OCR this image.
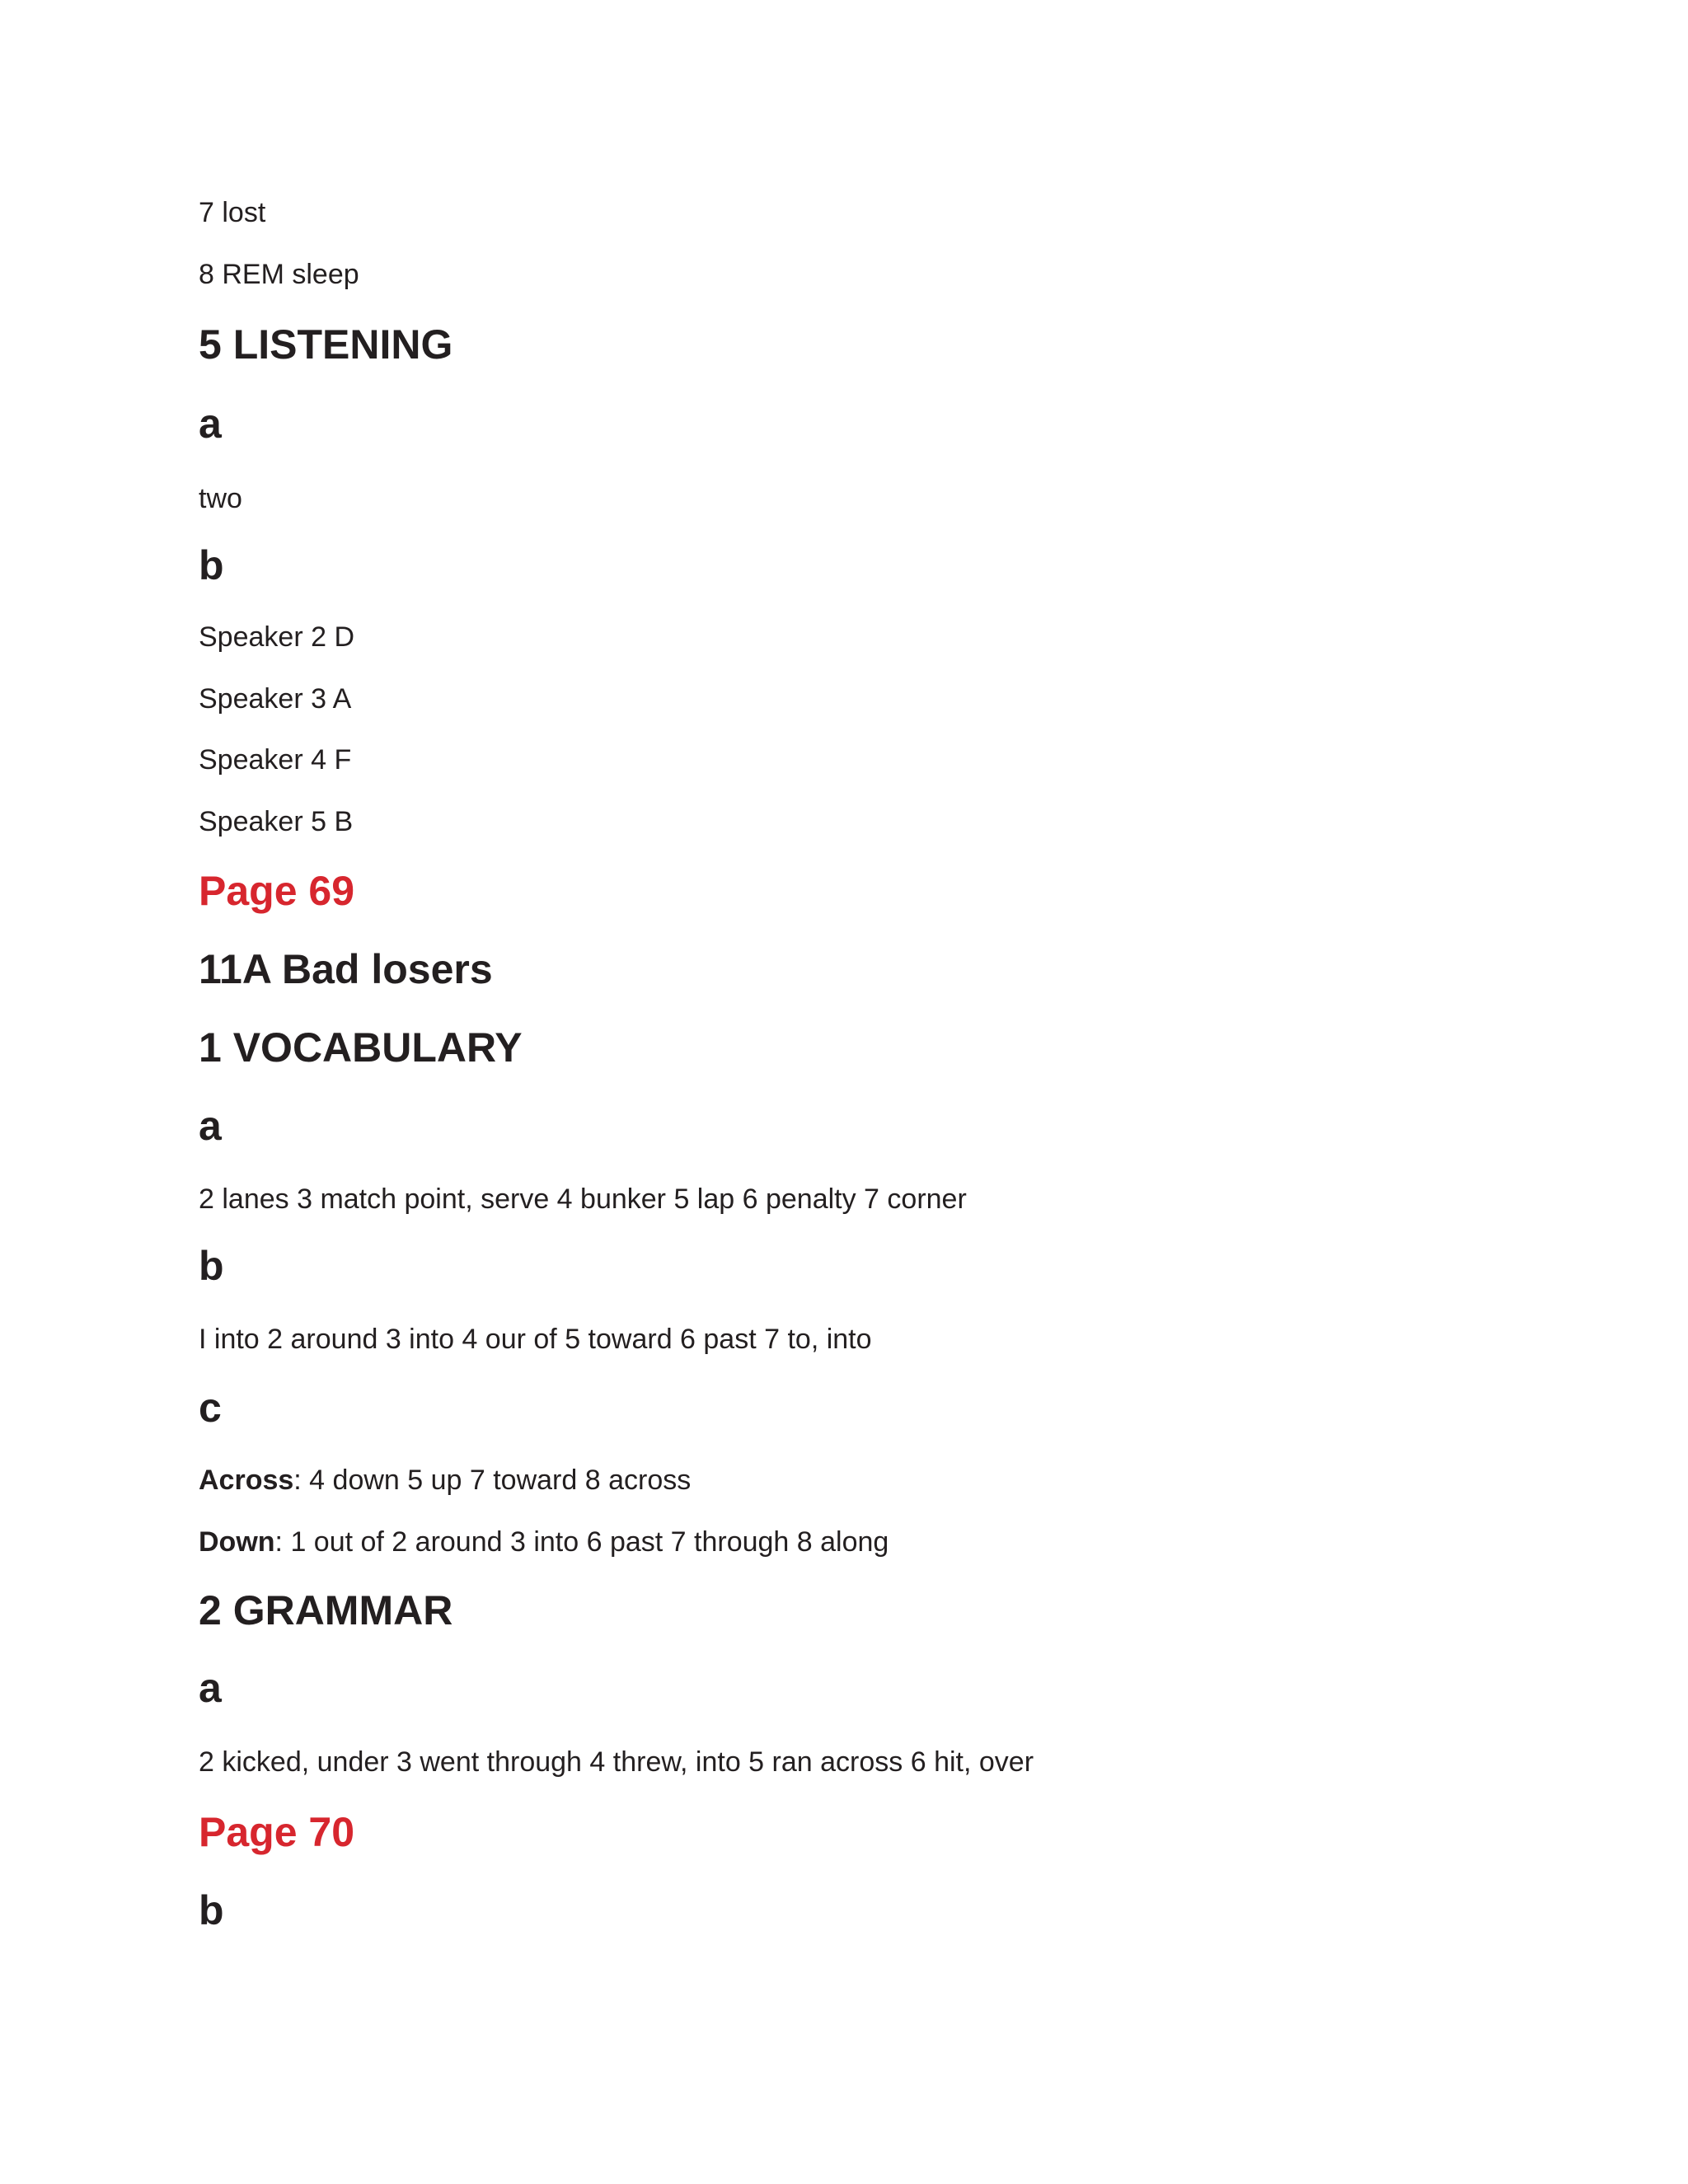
7 lost

8 REM sleep

5 LISTENING
a

two

b

Speaker 2 D

Speaker 3 A

Speaker 4 F

Speaker 5 B

Page 69
11A Bad losers
1 VOCABULARY
a

2 lanes 3 match point, serve 4 bunker 5 lap 6 penalty 7 corner

b

I into 2 around 3 into 4 our of 5 toward 6 past 7 to, into

c

Across: 4 down 5 up 7 toward 8 across

Down: 1 out of 2 around 3 into 6 past 7 through 8 along

2 GRAMMAR
a

2 kicked, under 3 went through 4 threw, into 5 ran across 6 hit, over

Page 70
b
